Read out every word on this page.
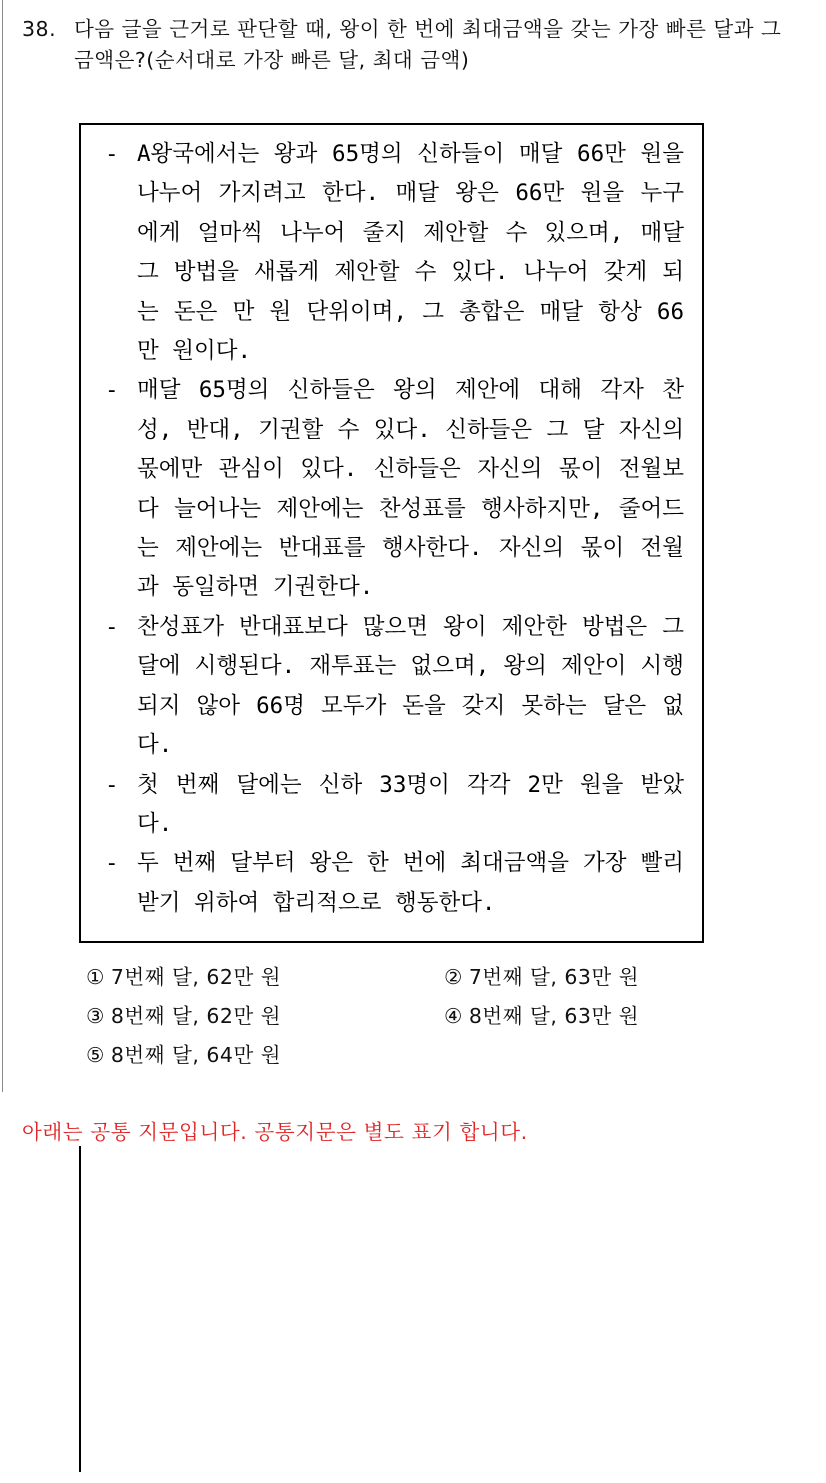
38. 다음 글을 근거로 판단할 때, 왕이 한 번에 최대금액을 갖는 가장 빠른 달과 그 금액은?(순서대로 가장 빠른 달, 최대 금액)
- A왕국에서는 왕과 65명의 신하들이 매달 66만 원을 나누어 가지려고 한다. 매달 왕은 66만 원을 누구에게 얼마씩 나누어 줄지 제안할 수 있으며, 매달 그 방법을 새롭게 제안할 수 있다. 나누어 갖게 되는 돈은 만 원 단위이며, 그 총합은 매달 항상 66만 원이다.
- 매달 65명의 신하들은 왕의 제안에 대해 각자 찬성, 반대, 기권할 수 있다. 신하들은 그 달 자신의 몫에만 관심이 있다. 신하들은 자신의 몫이 전월보다 늘어나는 제안에는 찬성표를 행사하지만, 줄어드는 제안에는 반대표를 행사한다. 자신의 몫이 전월과 동일하면 기권한다.
- 찬성표가 반대표보다 많으면 왕이 제안한 방법은 그 달에 시행된다. 재투표는 없으며, 왕의 제안이 시행되지 않아 66명 모두가 돈을 갖지 못하는 달은 없다.
- 첫 번째 달에는 신하 33명이 각각 2만 원을 받았다.
- 두 번째 달부터 왕은 한 번에 최대금액을 가장 빨리 받기 위하여 합리적으로 행동한다.
① 7번째 달, 62만 원	② 7번째 달, 63만 원
③ 8번째 달, 62만 원	④ 8번째 달, 63만 원
⑤ 8번째 달, 64만 원
아래는 공통 지문입니다. 공통지문은 별도 표기 합니다.
